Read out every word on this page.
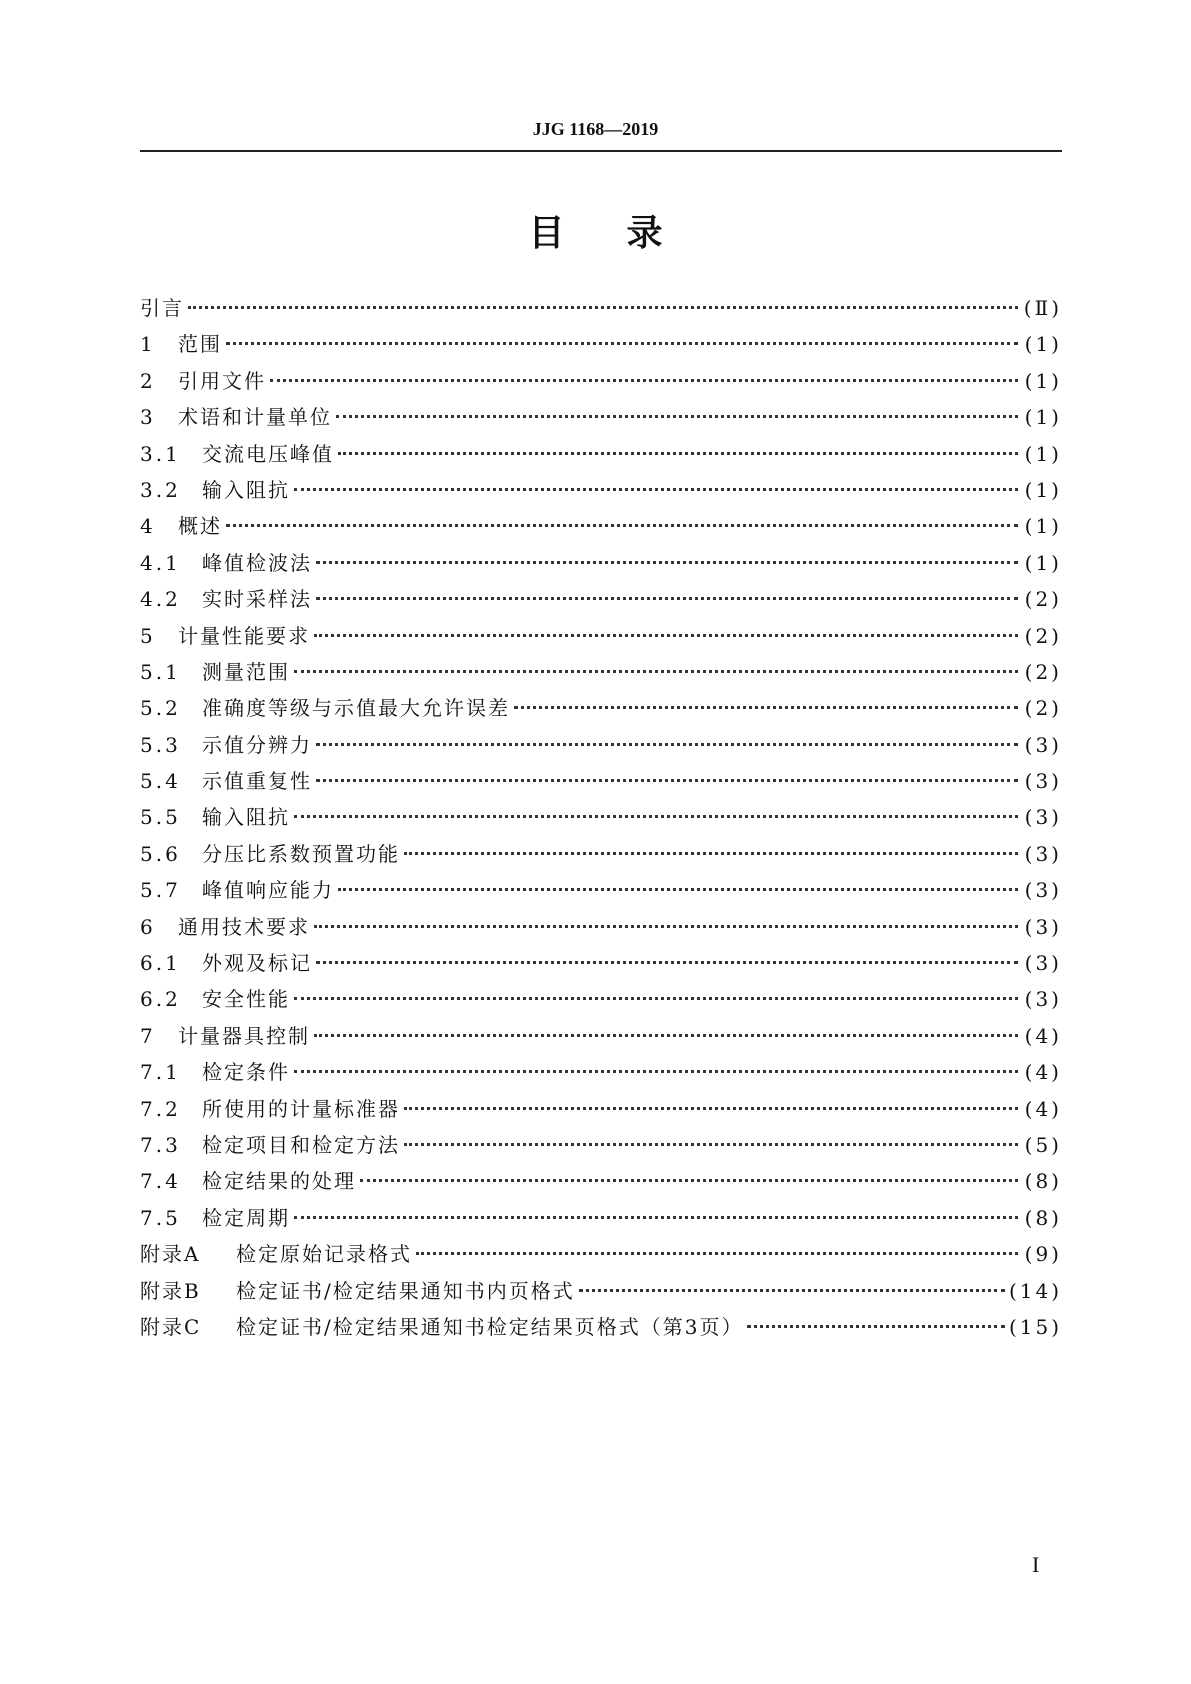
JJG 1168—2019
目录
引言	(Ⅱ)
1	范围	(1)
2	引用文件	(1)
3	术语和计量单位	(1)
3.1	交流电压峰值	(1)
3.2	输入阻抗	(1)
4	概述	(1)
4.1	峰值检波法	(1)
4.2	实时采样法	(2)
5	计量性能要求	(2)
5.1	测量范围	(2)
5.2	准确度等级与示值最大允许误差	(2)
5.3	示值分辨力	(3)
5.4	示值重复性	(3)
5.5	输入阻抗	(3)
5.6	分压比系数预置功能	(3)
5.7	峰值响应能力	(3)
6	通用技术要求	(3)
6.1	外观及标记	(3)
6.2	安全性能	(3)
7	计量器具控制	(4)
7.1	检定条件	(4)
7.2	所使用的计量标准器	(4)
7.3	检定项目和检定方法	(5)
7.4	检定结果的处理	(8)
7.5	检定周期	(8)
附录A	检定原始记录格式	(9)
附录B	检定证书/检定结果通知书内页格式	(14)
附录C	检定证书/检定结果通知书检定结果页格式（第3页）	(15)
I
